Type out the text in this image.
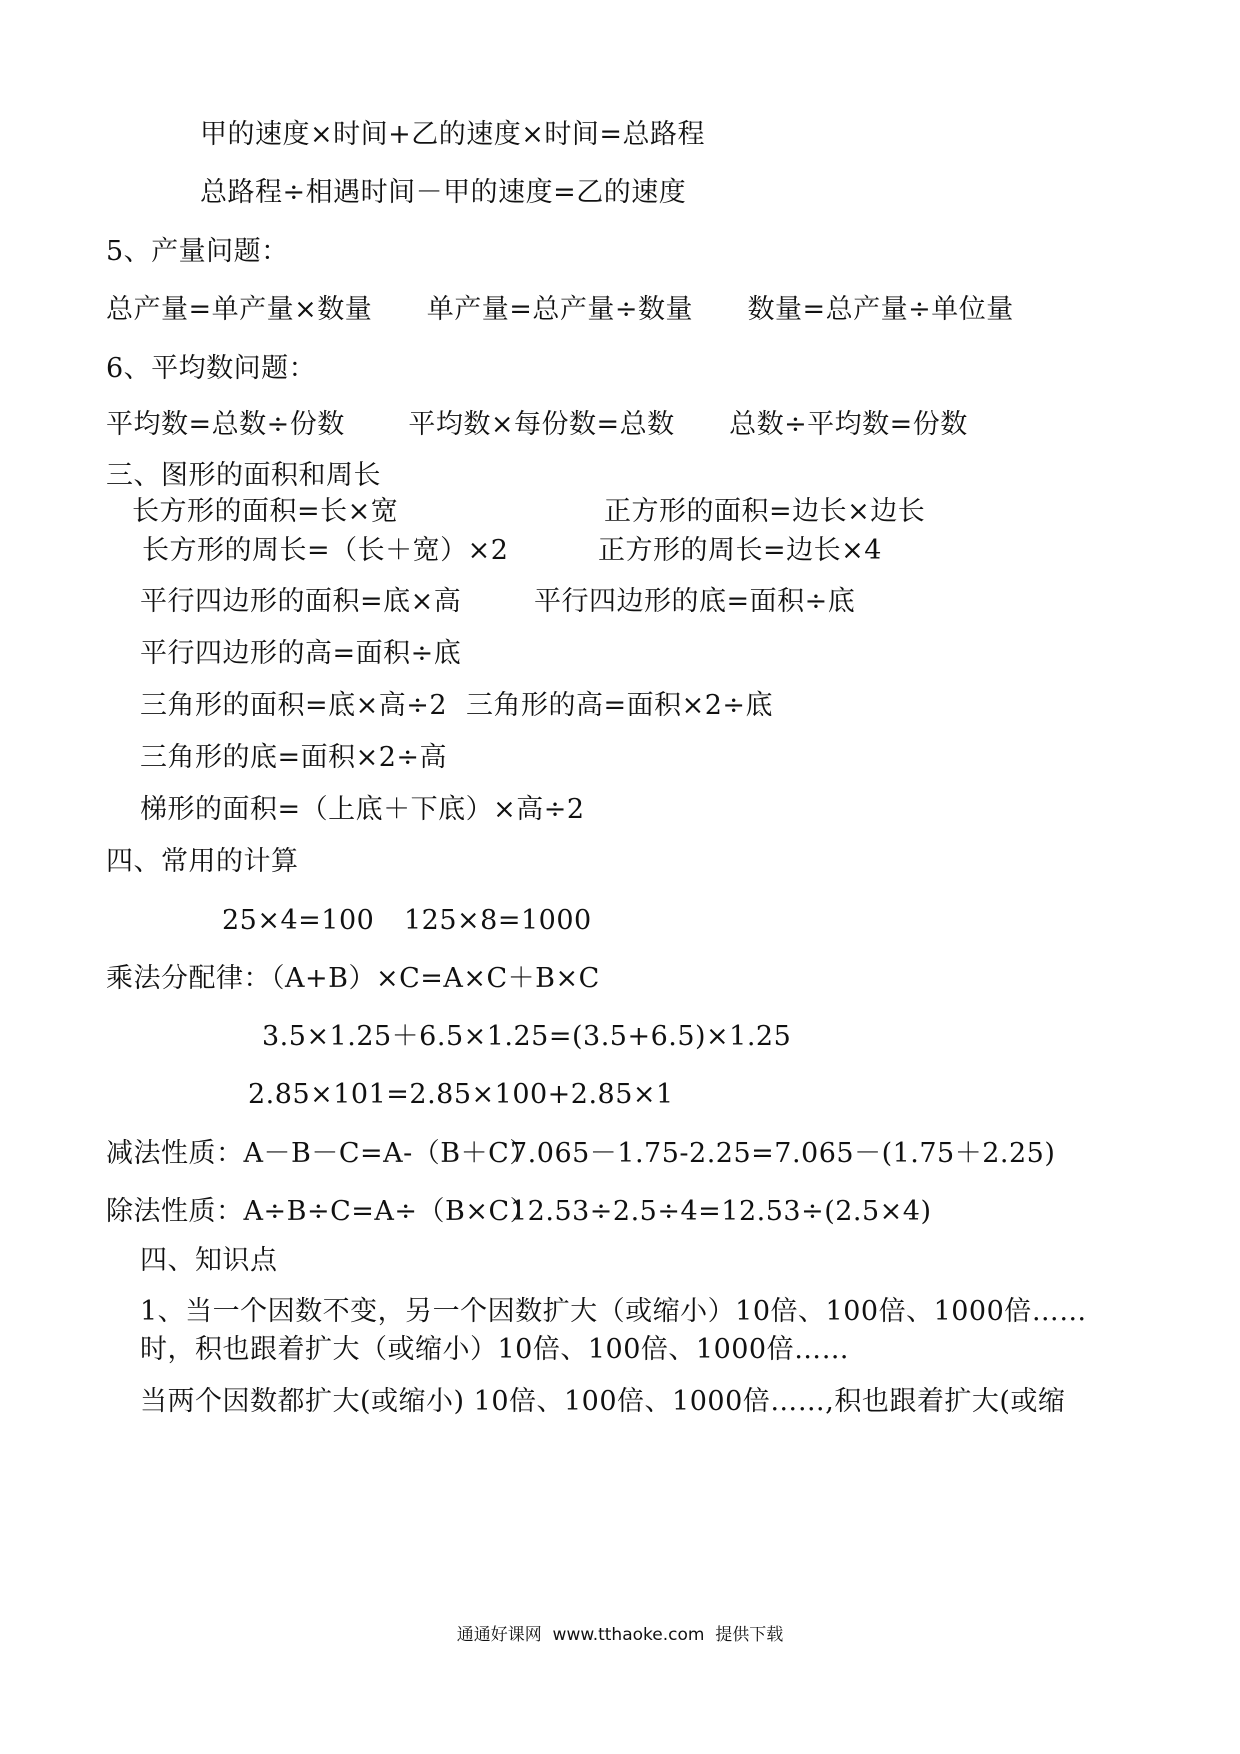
甲的速度×时间+乙的速度×时间=总路程
总路程÷相遇时间－甲的速度=乙的速度
5、产量问题：
总产量=单产量×数量      单产量=总产量÷数量      数量=总产量÷单位量
6、平均数问题：
平均数=总数÷份数       平均数×每份数=总数      总数÷平均数=份数
三、图形的面积和周长
长方形的面积=长×宽	正方形的面积=边长×边长
长方形的周长=（长＋宽）×2	正方形的周长=边长×4
平行四边形的面积=底×高	平行四边形的底=面积÷底
平行四边形的高=面积÷底
三角形的面积=底×高÷2 三角形的高=面积×2÷底
三角形的底=面积×2÷高
梯形的面积=（上底＋下底）×高÷2
四、常用的计算
25×4=100 125×8=1000
乘法分配律：（A+B）×C=A×C＋B×C
3.5×1.25＋6.5×1.25=(3.5+6.5)×1.25
2.85×101=2.85×100+2.85×1
减法性质：A－B－C=A-（B＋C）
7.065－1.75-2.25=7.065－(1.75＋2.25)
除法性质：A÷B÷C=A÷（B×C）
12.53÷2.5÷4=12.53÷(2.5×4)
四、知识点
1、当一个因数不变，另一个因数扩大（或缩小）10倍、100倍、1000倍……
时，积也跟着扩大（或缩小）10倍、100倍、1000倍……
当两个因数都扩大(或缩小) 10倍、100倍、1000倍……,积也跟着扩大(或缩
通通好课网  www.tthaoke.com  提供下载
